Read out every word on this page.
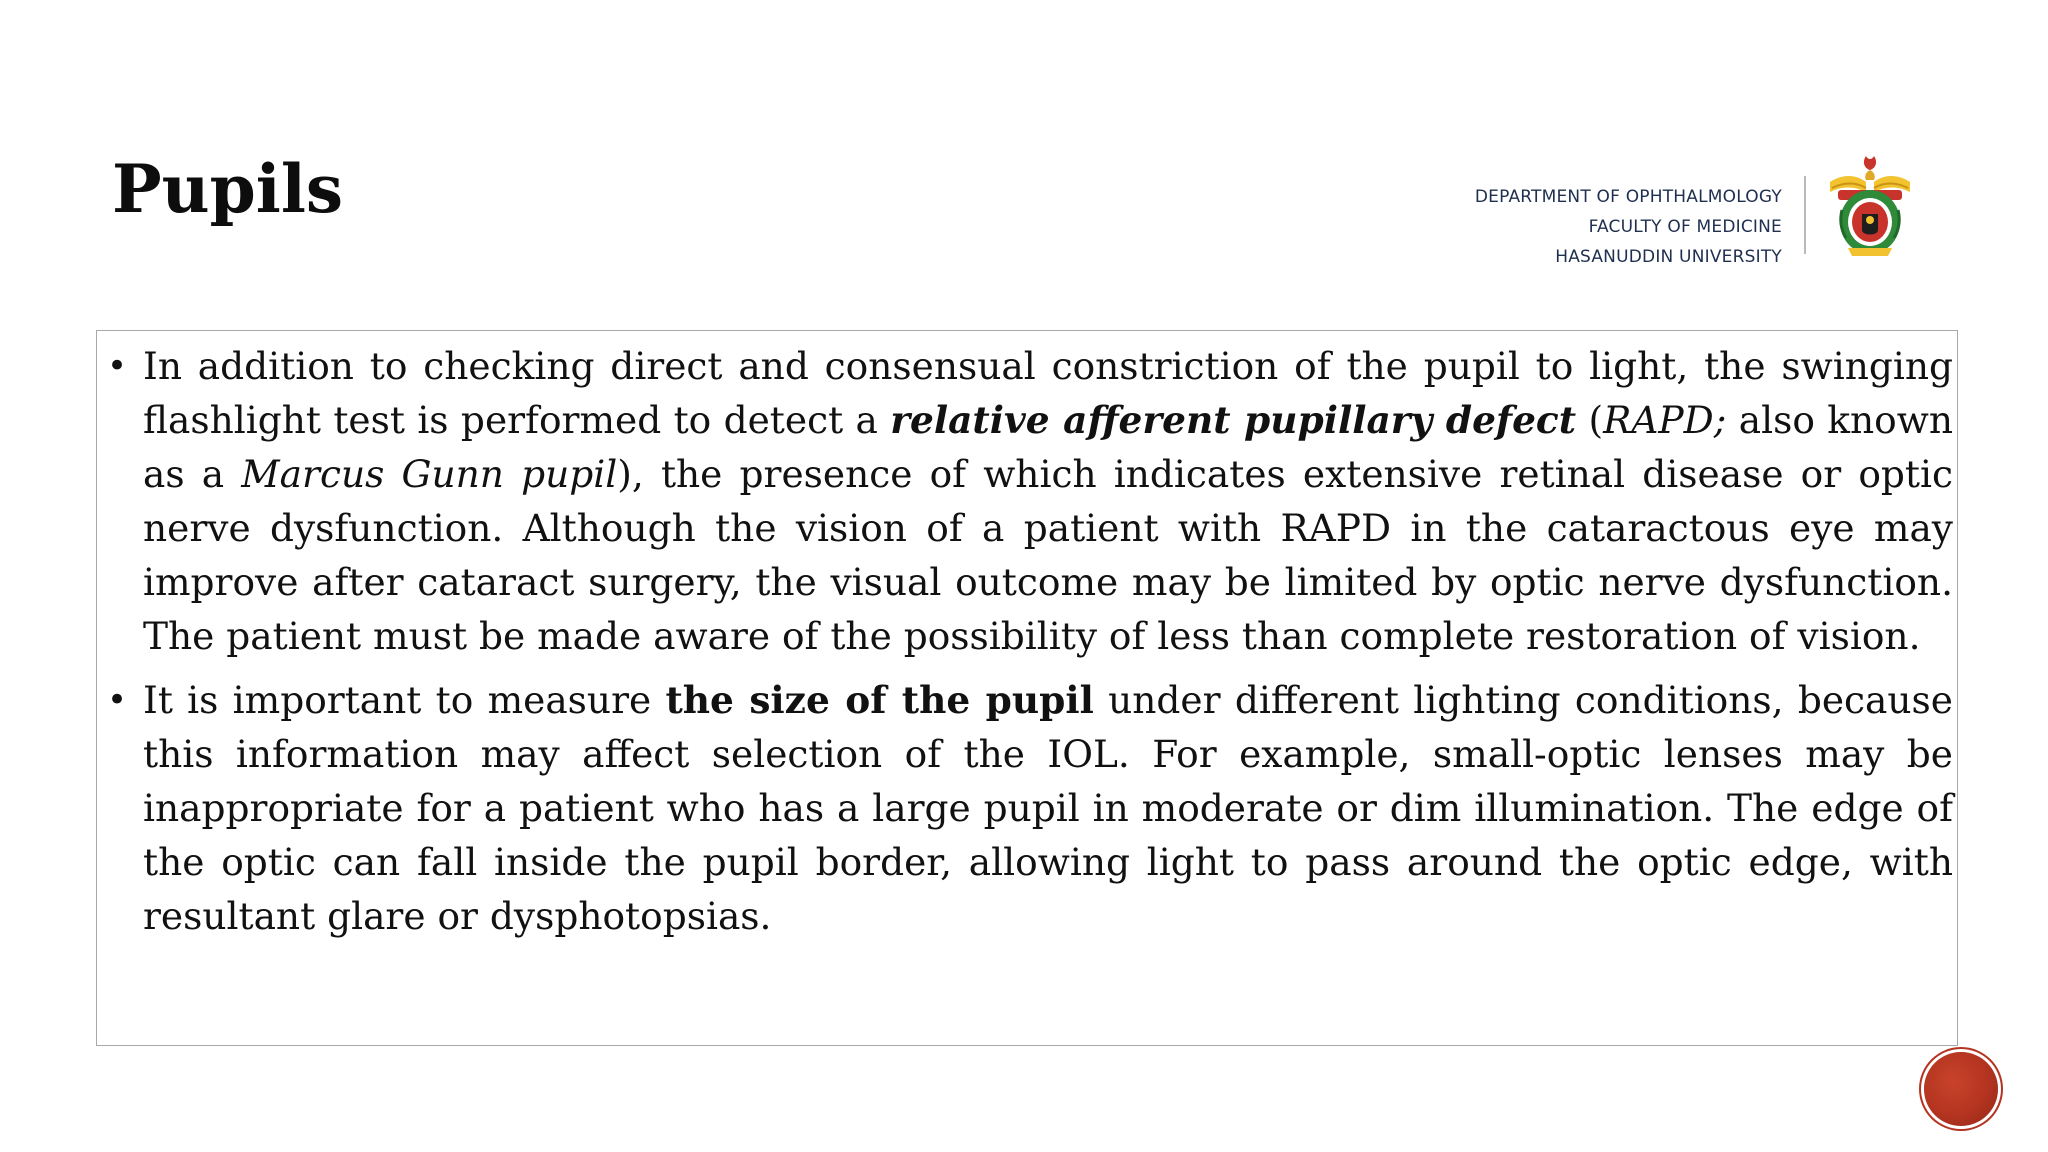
Pupils	DEPARTMENT OF OPHTHALMOLOGY
FACULTY OF MEDICINE
HASANUDDIN UNIVERSITY
• In addition to checking direct and consensual constriction of the pupil to light, the swinging flashlight test is performed to detect a relative afferent pupillary defect (RAPD; also known as a Marcus Gunn pupil), the presence of which indicates extensive retinal disease or optic nerve dysfunction. Although the vision of a patient with RAPD in the cataractous eye may improve after cataract surgery, the visual outcome may be limited by optic nerve dysfunction. The patient must be made aware of the possibility of less than complete restoration of vision.
• It is important to measure the size of the pupil under different lighting conditions, because this information may affect selection of the IOL. For example, small-optic lenses may be inappropriate for a patient who has a large pupil in moderate or dim illumination. The edge of the optic can fall inside the pupil border, allowing light to pass around the optic edge, with resultant glare or dysphotopsias.
